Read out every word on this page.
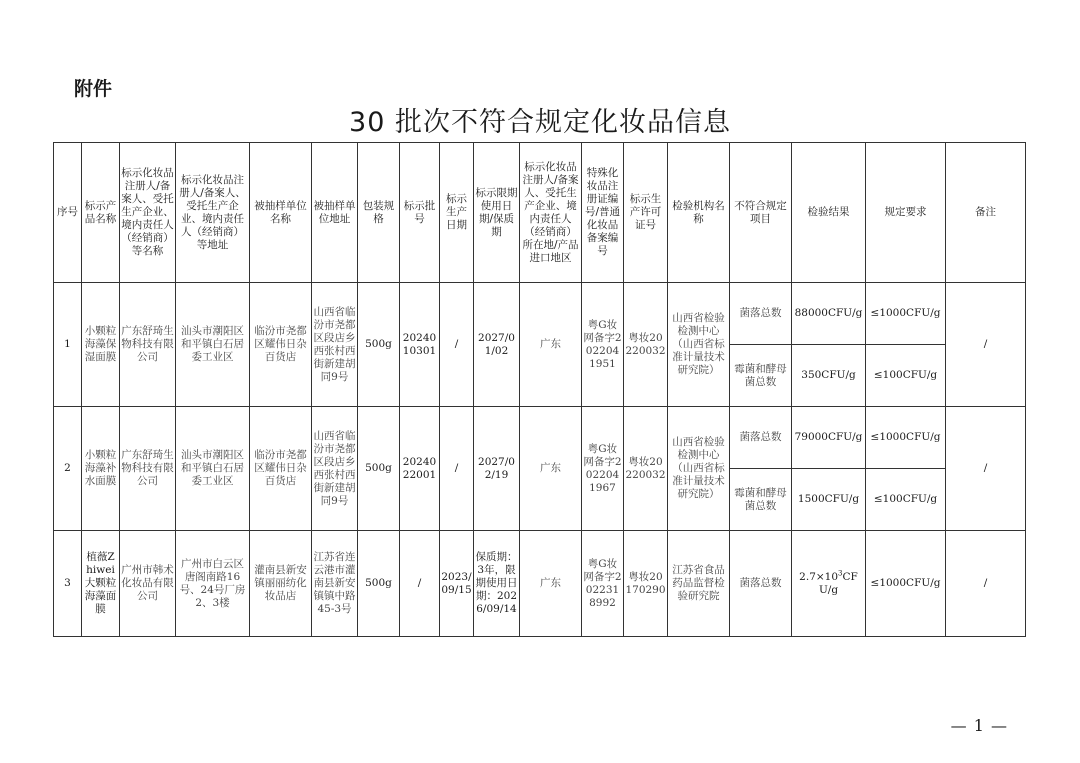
附件
30 批次不符合规定化妆品信息
序号	标示产品名称	标示化妆品注册人/备案人、受托生产企业、境内责任人（经销商）等名称	标示化妆品注册人/备案人、受托生产企业、境内责任人（经销商）等地址	被抽样单位名称	被抽样单位地址	包装规格	标示批号	标示生产日期	标示限期使用日期/保质期	标示化妆品注册人/备案人、受托生产企业、境内责任人（经销商）所在地/产品进口地区	特殊化妆品注册证编号/普通化妆品备案编号	标示生产许可证号	检验机构名称	不符合规定项目	检验结果	规定要求	备注
1	小颗粒海藻保湿面膜	广东舒琦生物科技有限公司	汕头市潮阳区和平镇白石居委工业区	临汾市尧都区耀伟日杂百货店	山西省临汾市尧都区段店乡西张村西街新建胡同9号	500g	2024010301	/	2027/01/02	广东	粤G妆网备字2022041951	粤妆20220032	山西省检验检测中心（山西省标准计量技术研究院）	菌落总数	88000CFU/g	≤1000CFU/g	/
														霉菌和酵母菌总数	350CFU/g	≤100CFU/g	
2	小颗粒海藻补水面膜	广东舒琦生物科技有限公司	汕头市潮阳区和平镇白石居委工业区	临汾市尧都区耀伟日杂百货店	山西省临汾市尧都区段店乡西张村西街新建胡同9号	500g	2024022001	/	2027/02/19	广东	粤G妆网备字2022041967	粤妆20220032	山西省检验检测中心（山西省标准计量技术研究院）	菌落总数	79000CFU/g	≤1000CFU/g	/
														霉菌和酵母菌总数	1500CFU/g	≤100CFU/g	
3	植薇Zhiwei大颗粒海藻面膜	广州市韩术化妆品有限公司	广州市白云区唐阁南路16号、24号厂房2、3楼	灌南县新安镇丽丽纺化妆品店	江苏省连云港市灌南县新安镇镇中路45-3号	500g	/	2023/09/15	保质期：3年，限期使用日期：2026/09/14	广东	粤G妆网备字2022318992	粤妆20170290	江苏省食品药品监督检验研究院	菌落总数	$2.7\times 10^3CFU/g$	≤1000CFU/g	/
— 1 —
